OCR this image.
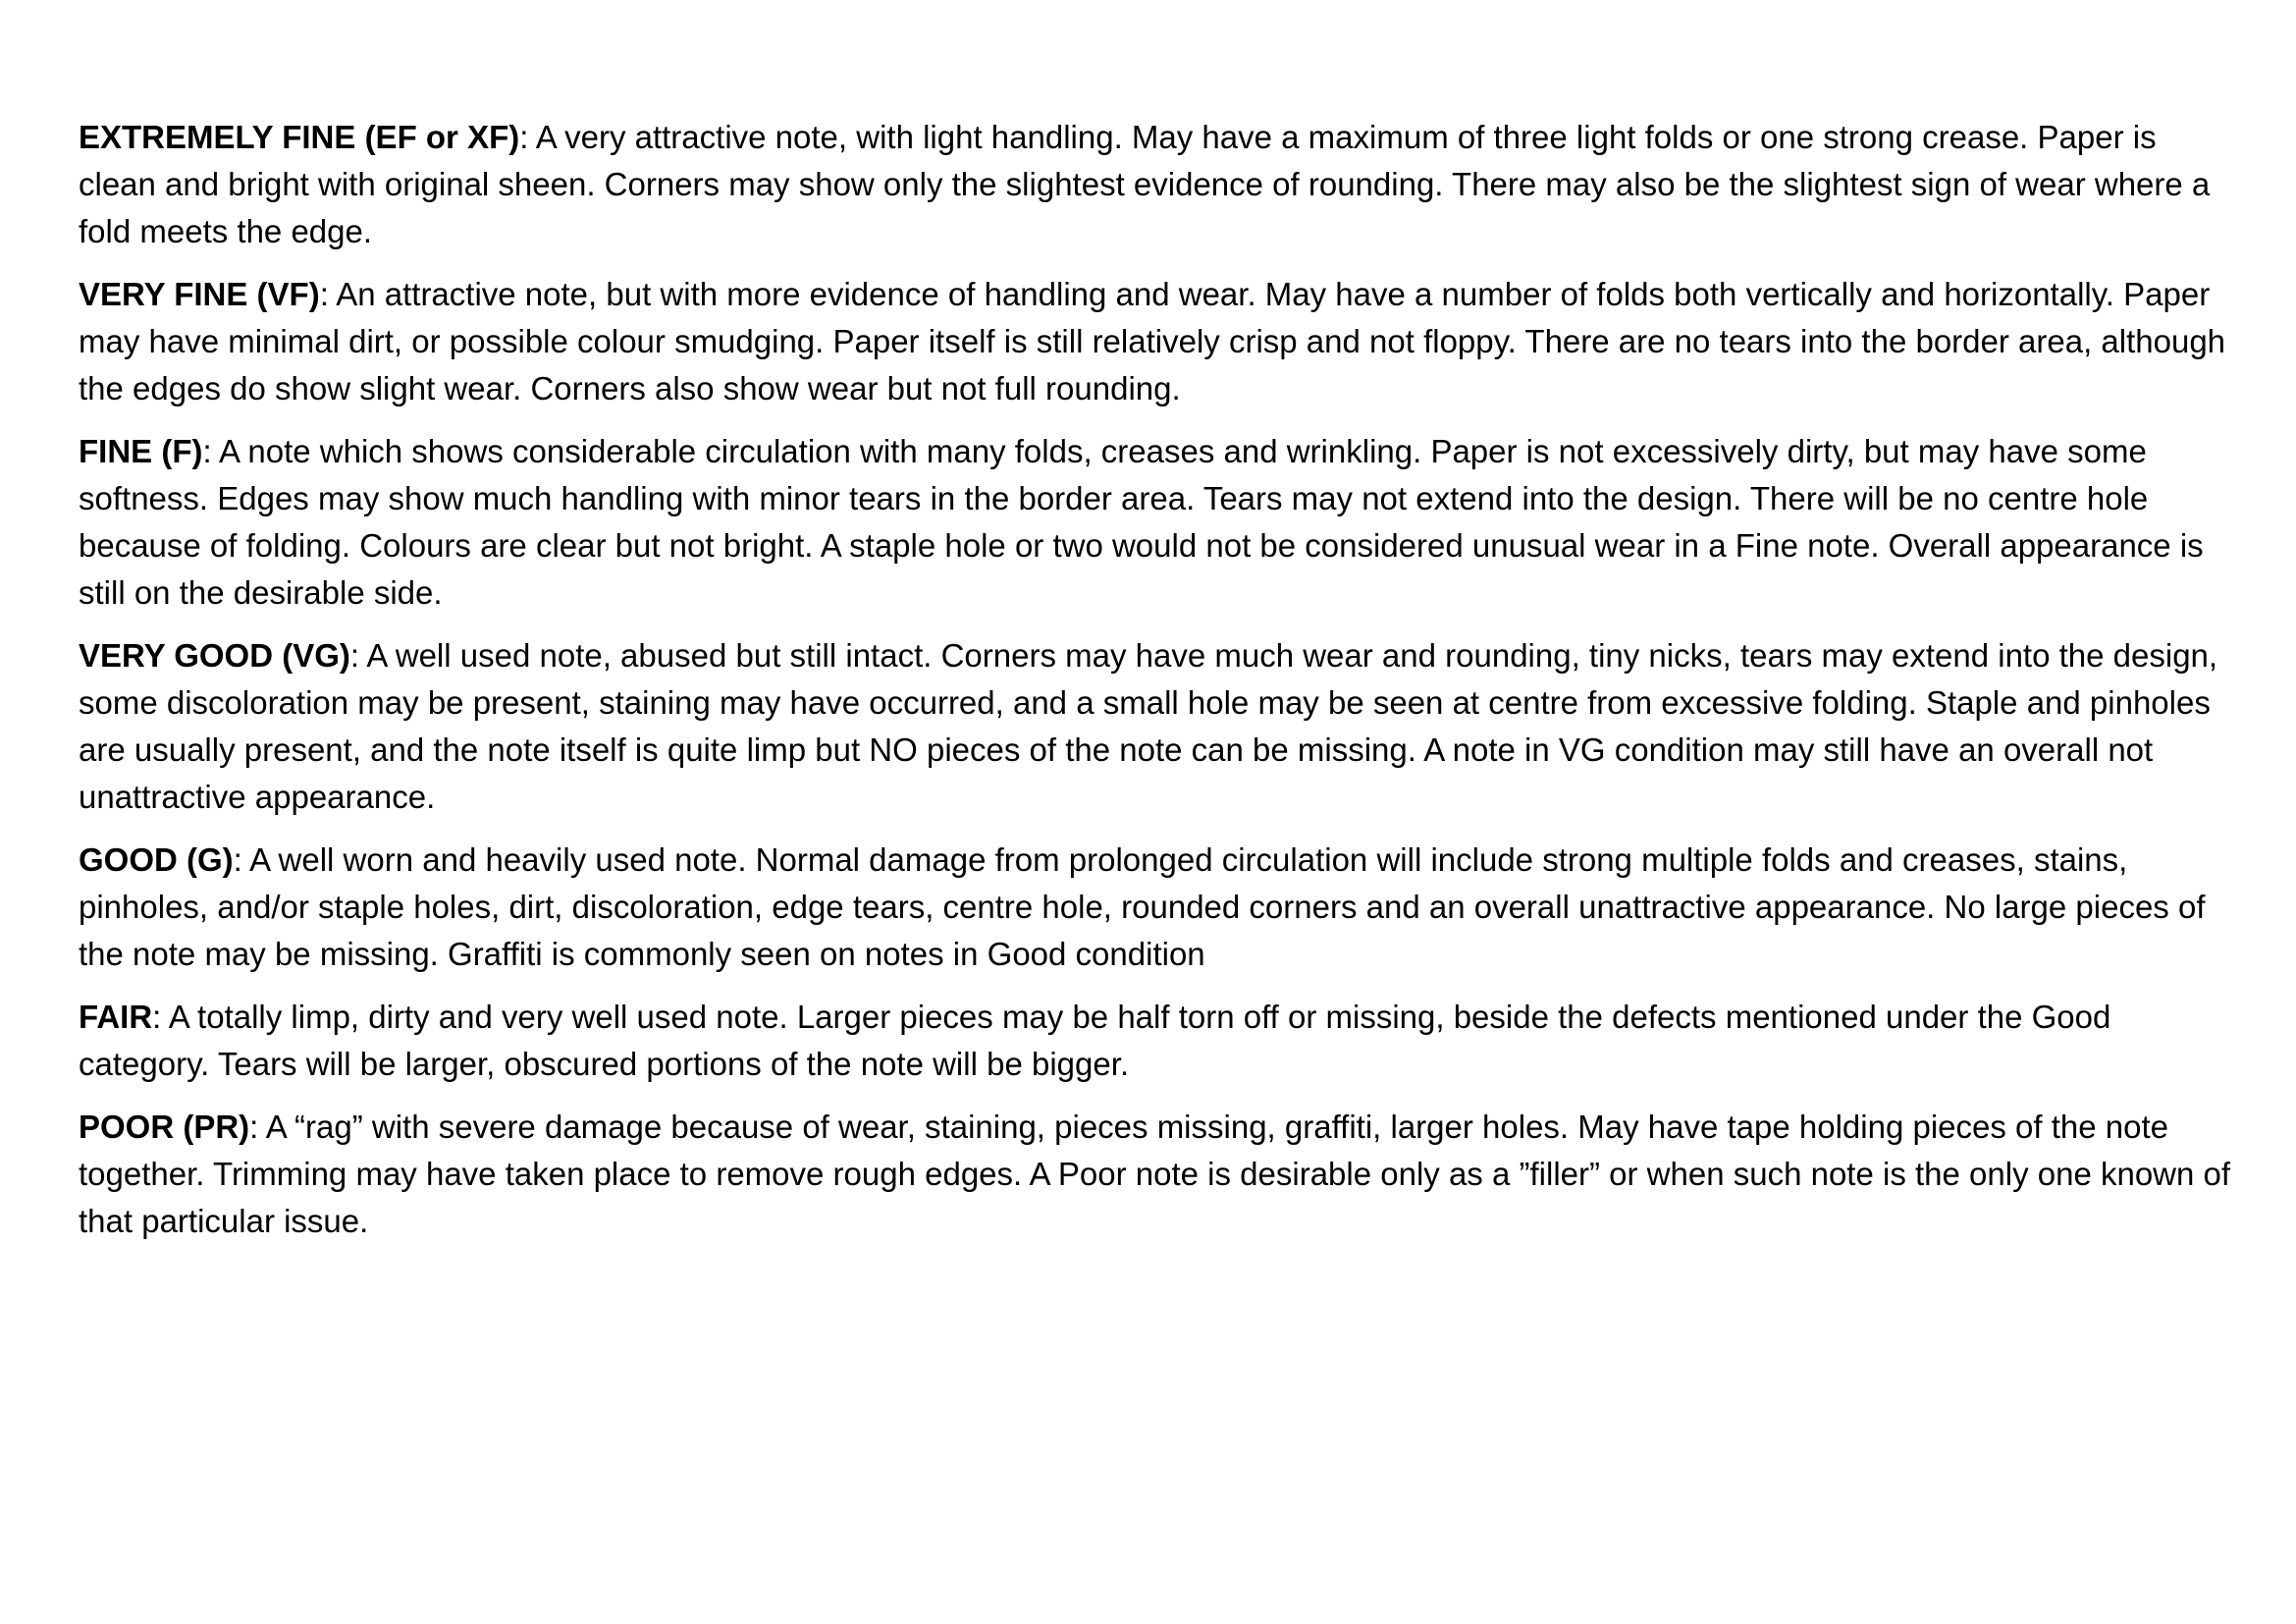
EXTREMELY FINE (EF or XF): A very attractive note, with light handling. May have a maximum of three light folds or one strong crease. Paper is clean and bright with original sheen. Corners may show only the slightest evidence of rounding. There may also be the slightest sign of wear where a fold meets the edge.

VERY FINE (VF): An attractive note, but with more evidence of handling and wear. May have a number of folds both vertically and horizontally. Paper may have minimal dirt, or possible colour smudging. Paper itself is still relatively crisp and not floppy. There are no tears into the border area, although the edges do show slight wear. Corners also show wear but not full rounding.

FINE (F): A note which shows considerable circulation with many folds, creases and wrinkling. Paper is not excessively dirty, but may have some softness. Edges may show much handling with minor tears in the border area. Tears may not extend into the design. There will be no centre hole because of folding. Colours are clear but not bright. A staple hole or two would not be considered unusual wear in a Fine note. Overall appearance is still on the desirable side.

VERY GOOD (VG): A well used note, abused but still intact. Corners may have much wear and rounding, tiny nicks, tears may extend into the design, some discoloration may be present, staining may have occurred, and a small hole may be seen at centre from excessive folding. Staple and pinholes are usually present, and the note itself is quite limp but NO pieces of the note can be missing. A note in VG condition may still have an overall not unattractive appearance.

GOOD (G): A well worn and heavily used note. Normal damage from prolonged circulation will include strong multiple folds and creases, stains, pinholes, and/or staple holes, dirt, discoloration, edge tears, centre hole, rounded corners and an overall unattractive appearance. No large pieces of the note may be missing. Graffiti is commonly seen on notes in Good condition

FAIR: A totally limp, dirty and very well used note. Larger pieces may be half torn off or missing, beside the defects mentioned under the Good category. Tears will be larger, obscured portions of the note will be bigger.

POOR (PR): A “rag” with severe damage because of wear, staining, pieces missing, graffiti, larger holes. May have tape holding pieces of the note together. Trimming may have taken place to remove rough edges. A Poor note is desirable only as a ”filler” or when such note is the only one known of that particular issue.
